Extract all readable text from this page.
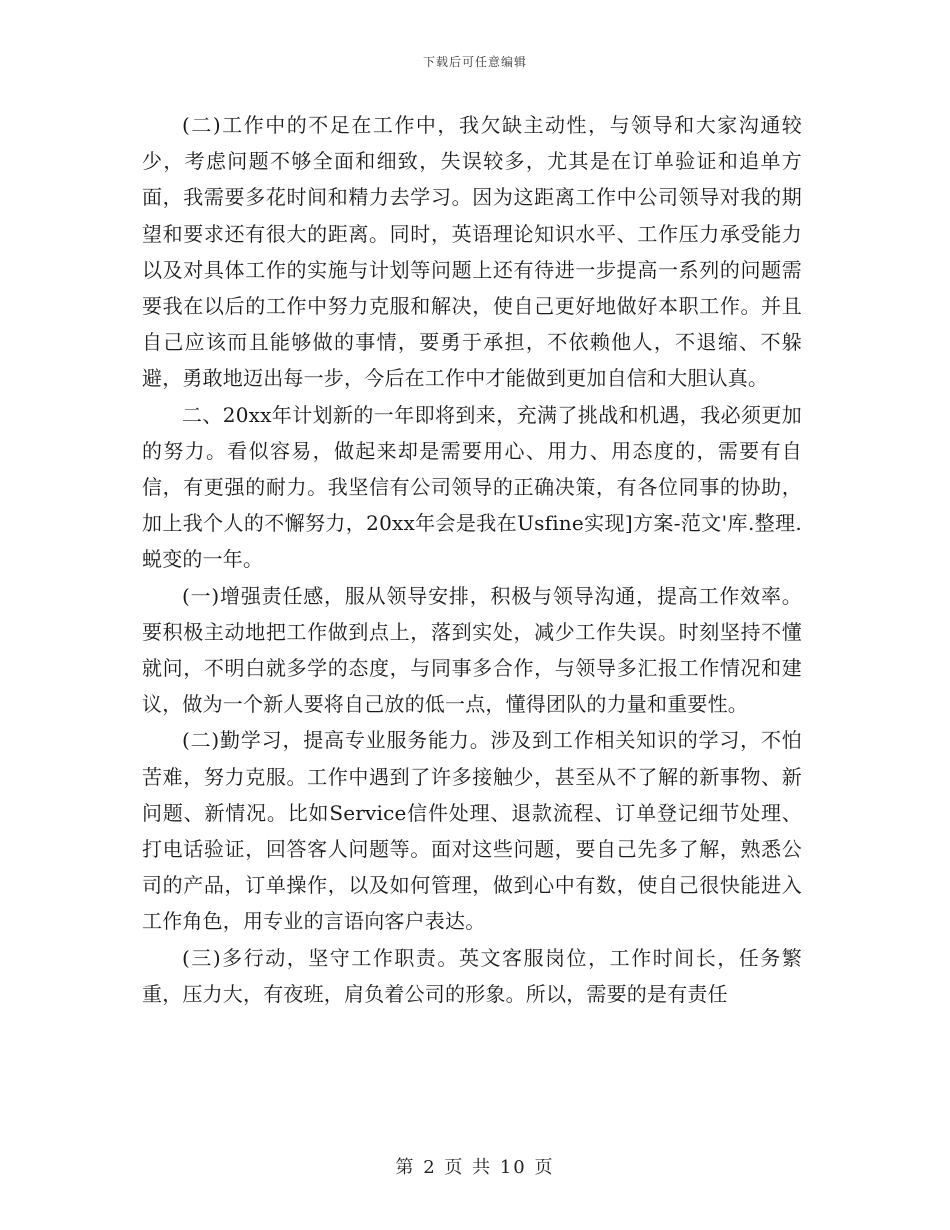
下载后可任意编辑

(二)工作中的不足在工作中，我欠缺主动性，与领导和大家沟通较少，考虑问题不够全面和细致，失误较多，尤其是在订单验证和追单方面，我需要多花时间和精力去学习。因为这距离工作中公司领导对我的期望和要求还有很大的距离。同时，英语理论知识水平、工作压力承受能力以及对具体工作的实施与计划等问题上还有待进一步提高一系列的问题需要我在以后的工作中努力克服和解决，使自己更好地做好本职工作。并且自己应该而且能够做的事情，要勇于承担，不依赖他人，不退缩、不躲避，勇敢地迈出每一步，今后在工作中才能做到更加自信和大胆认真。

二、20xx年计划新的一年即将到来，充满了挑战和机遇，我必须更加的努力。看似容易，做起来却是需要用心、用力、用态度的，需要有自信，有更强的耐力。我坚信有公司领导的正确决策，有各位同事的协助，加上我个人的不懈努力，20xx年会是我在Usfine实现]方案-范文'库.整理.蜕变的一年。

(一)增强责任感，服从领导安排，积极与领导沟通，提高工作效率。要积极主动地把工作做到点上，落到实处，减少工作失误。时刻坚持不懂就问，不明白就多学的态度，与同事多合作，与领导多汇报工作情况和建议，做为一个新人要将自己放的低一点，懂得团队的力量和重要性。

(二)勤学习，提高专业服务能力。涉及到工作相关知识的学习，不怕苦难，努力克服。工作中遇到了许多接触少，甚至从不了解的新事物、新问题、新情况。比如Service信件处理、退款流程、订单登记细节处理、打电话验证，回答客人问题等。面对这些问题，要自己先多了解，熟悉公司的产品，订单操作，以及如何管理，做到心中有数，使自己很快能进入工作角色，用专业的言语向客户表达。

(三)多行动，坚守工作职责。英文客服岗位，工作时间长，任务繁重，压力大，有夜班，肩负着公司的形象。所以，需要的是有责任

第 2 页 共 10 页
